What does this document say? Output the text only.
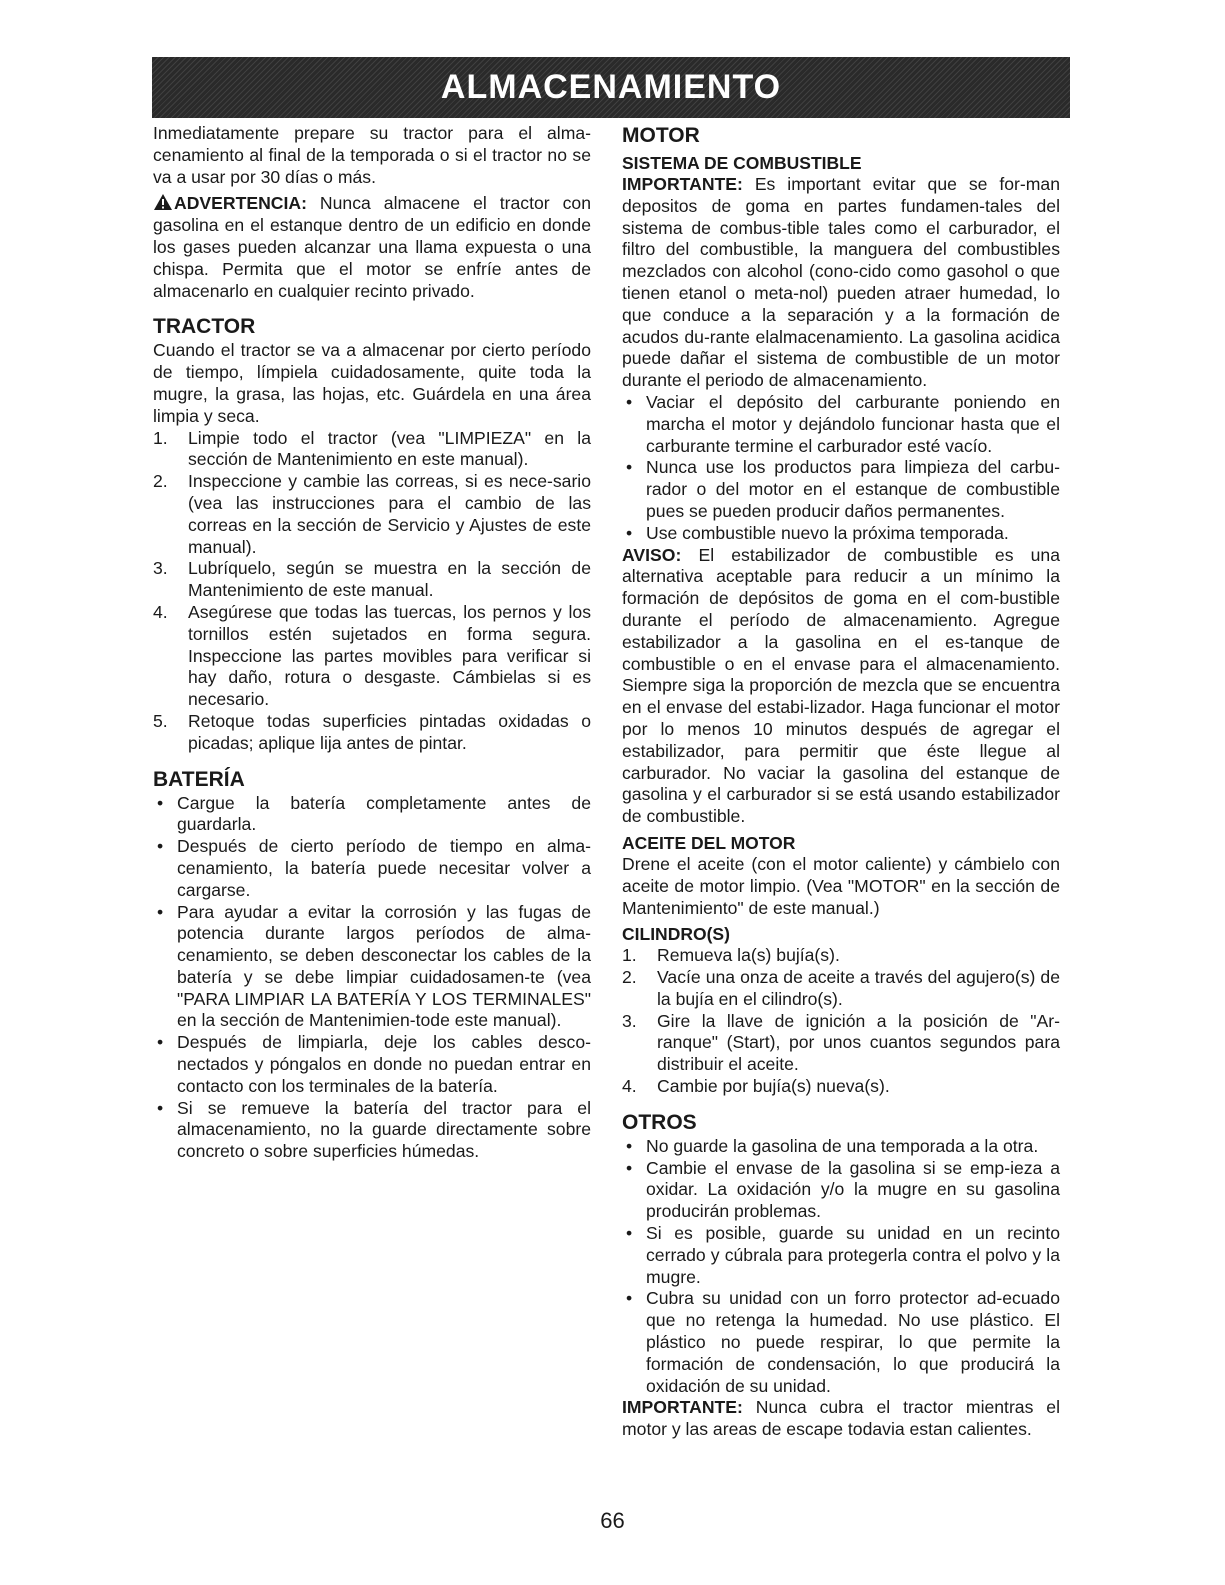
ALMACENAMIENTO

Inmediatamente prepare su tractor para el alma-cenamiento al final de la temporada o si el tractor no se va a usar por 30 días o más.

ADVERTENCIA: Nunca almacene el tractor con gasolina en el estanque dentro de un edificio en donde los gases pueden alcanzar una llama expuesta o una chispa. Permita que el motor se enfríe antes de almacenarlo en cualquier recinto privado.

TRACTOR

Cuando el tractor se va a almacenar por cierto período de tiempo, límpiela cuidadosamente, quite toda la mugre, la grasa, las hojas, etc. Guárdela en una área limpia y seca.

1. Limpie todo el tractor (vea "LIMPIEZA" en la sección de Mantenimiento en este manual).
2. Inspeccione y cambie las correas, si es nece-sario (vea las instrucciones para el cambio de las correas en la sección de Servicio y Ajustes de este manual).
3. Lubríquelo, según se muestra en la sección de Mantenimiento de este manual.
4. Asegúrese que todas las tuercas, los pernos y los tornillos estén sujetados en forma segura. Inspeccione las partes movibles para verificar si hay daño, rotura o desgaste. Cámbielas si es necesario.
5. Retoque todas superficies pintadas oxidadas o picadas; aplique lija antes de pintar.
BATERÍA
• Cargue la batería completamente antes de guardarla.
• Después de cierto período de tiempo en alma-cenamiento, la batería puede necesitar volver a cargarse.
• Para ayudar a evitar la corrosión y las fugas de potencia durante largos períodos de alma-cenamiento, se deben desconectar los cables de la batería y se debe limpiar cuidadosamen-te (vea "PARA LIMPIAR LA BATERÍA Y LOS TERMINALES" en la sección de Mantenimien-tode este manual).
• Después de limpiarla, deje los cables desco-nectados y póngalos en donde no puedan entrar en contacto con los terminales de la batería.
• Si se remueve la batería del tractor para el almacenamiento, no la guarde directamente sobre concreto o sobre superficies húmedas.
MOTOR
SISTEMA DE COMBUSTIBLE

IMPORTANTE: Es important evitar que se for-man depositos de goma en partes fundamen-tales del sistema de combus-tible tales como el carburador, el filtro del combustible, la manguera del combustibles mezclados con alcohol (cono-cido como gasohol o que tienen etanol o meta-nol) pueden atraer humedad, lo que conduce a la separación y a la formación de acudos du-rante elalmacenamiento. La gasolina acidica puede dañar el sistema de combustible de un motor durante el periodo de almacenamiento.

• Vaciar el depósito del carburante poniendo en marcha el motor y dejándolo funcionar hasta que el carburante termine el carburador esté vacío.
• Nunca use los productos para limpieza del carbu-rador o del motor en el estanque de combustible pues se pueden producir daños permanentes.
• Use combustible nuevo la próxima temporada.

AVISO: El estabilizador de combustible es una alternativa aceptable para reducir a un mínimo la formación de depósitos de goma en el com-bustible durante el período de almacenamiento. Agregue estabilizador a la gasolina en el es-tanque de combustible o en el envase para el almacenamiento. Siempre siga la proporción de mezcla que se encuentra en el envase del estabi-lizador. Haga funcionar el motor por lo menos 10 minutos después de agregar el estabilizador, para permitir que éste llegue al carburador. No vaciar la gasolina del estanque de gasolina y el carburador si se está usando estabilizador de combustible.

ACEITE DEL MOTOR

Drene el aceite (con el motor caliente) y cámbielo con aceite de motor limpio. (Vea "MOTOR" en la sección de Mantenimiento" de este manual.)

CILINDRO(S)
1. Remueva la(s) bujía(s).
2. Vacíe una onza de aceite a través del agujero(s) de la bujía en el cilindro(s).
3. Gire la llave de ignición a la posición de "Ar-ranque" (Start), por unos cuantos segundos para distribuir el aceite.
4. Cambie por bujía(s) nueva(s).
OTROS
• No guarde la gasolina de una temporada a la otra.
• Cambie el envase de la gasolina si se emp-ieza a oxidar. La oxidación y/o la mugre en su gasolina producirán problemas.
• Si es posible, guarde su unidad en un recinto cerrado y cúbrala para protegerla contra el polvo y la mugre.
• Cubra su unidad con un forro protector ad-ecuado que no retenga la humedad. No use plástico. El plástico no puede respirar, lo que permite la formación de condensación, lo que producirá la oxidación de su unidad.

IMPORTANTE: Nunca cubra el tractor mientras el motor y las areas de escape todavia estan calientes.

66
